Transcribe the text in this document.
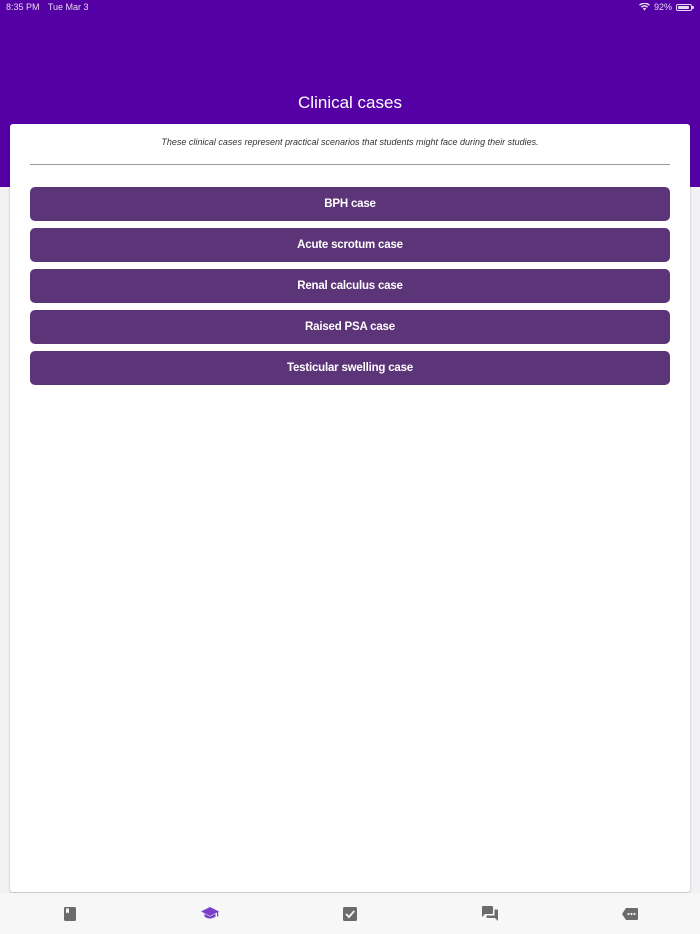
8:35 PM Tue Mar 3	92%
Clinical cases

These clinical cases represent practical scenarios that students might face during their studies.

BPH case
Acute scrotum case
Renal calculus case
Raised PSA case
Testicular swelling case
